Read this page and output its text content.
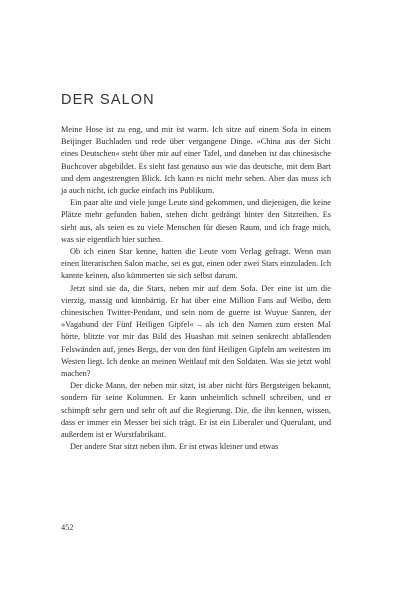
DER SALON

Meine Hose ist zu eng, und mir ist warm. Ich sitze auf einem Sofa in einem Beijinger Buchladen und rede über vergangene Dinge. »China aus der Sicht eines Deutschen« steht über mir auf einer Tafel, und daneben ist das chinesische Buchcover abgebildet. Es sieht fast genauso aus wie das deutsche, mit dem Bart und dem angestrengten Blick. Ich kann es nicht mehr sehen. Aber das muss ich ja auch nicht, ich gucke einfach ins Publikum.

Ein paar alte und viele junge Leute sind gekommen, und diejenigen, die keine Plätze mehr gefunden haben, stehen dicht gedrängt hinter den Sitzreihen. Es sieht aus, als seien es zu viele Menschen für diesen Raum, und ich frage mich, was sie eigentlich hier suchen.

Ob ich einen Star kenne, hatten die Leute vom Verlag gefragt. Wenn man einen literarischen Salon mache, sei es gut, einen oder zwei Stars einzuladen. Ich kannte keinen, also kümmerten sie sich selbst darum.

Jetzt sind sie da, die Stars, neben mir auf dem Sofa. Der eine ist um die vierzig, massig und kinnbärtig. Er hat über eine Million Fans auf Weibo, dem chinesischen Twitter-Pendant, und sein nom de guerre ist Wuyue Sanren, der »Vagabund der Fünf Heiligen Gipfel« – als ich den Namen zum ersten Mal hörte, blitzte vor mir das Bild des Huashan mit seinen senkrecht abfallenden Felswänden auf, jenes Bergs, der von den fünf Heiligen Gipfeln am weitesten im Westen liegt. Ich denke an meinen Wettlauf mit den Soldaten. Was sie jetzt wohl machen?

Der dicke Mann, der neben mir sitzt, ist aber nicht fürs Bergsteigen bekannt, sondern für seine Kolumnen. Er kann unheimlich schnell schreiben, und er schimpft sehr gern und sehr oft auf die Regierung. Die, die ihn kennen, wissen, dass er immer ein Messer bei sich trägt. Er ist ein Liberaler und Querulant, und außerdem ist er Wurstfabrikant.

Der andere Star sitzt neben ihm. Er ist etwas kleiner und etwas

452
